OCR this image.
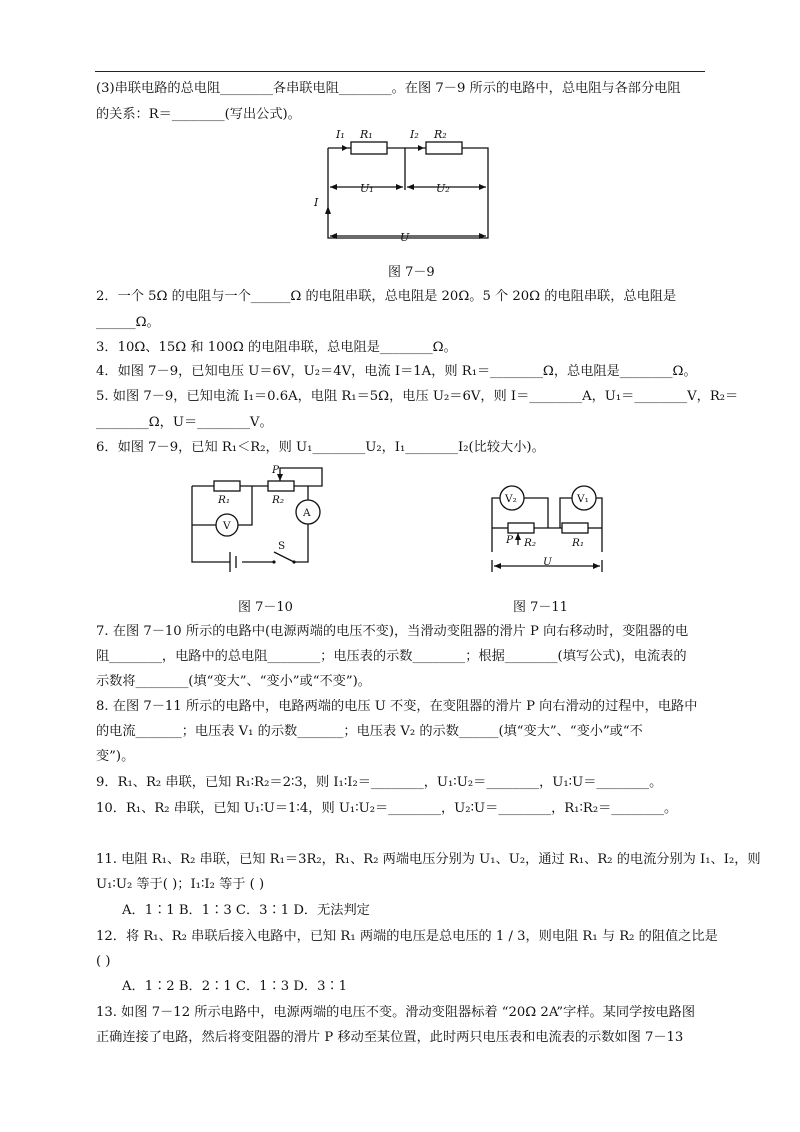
(3)串联电路的总电阻________各串联电阻________。在图 7－9 所示的电路中，总电阻与各部分电阻
的关系：R＝________(写出公式)。
2．一个 5Ω 的电阻与一个______Ω 的电阻串联，总电阻是 20Ω。5 个 20Ω 的电阻串联，总电阻是
______Ω。
3．10Ω、15Ω 和 100Ω 的电阻串联，总电阻是________Ω。
4．如图 7－9，已知电压 U＝6V，U₂＝4V，电流 I＝1A，则 R₁＝________Ω，总电阻是________Ω。
5. 如图 7－9，已知电流 I₁＝0.6A，电阻 R₁＝5Ω，电压 U₂＝6V，则 I＝________A，U₁＝________V，R₂＝
________Ω，U＝________V。
6．如图 7－9，已知 R₁＜R₂，则 U₁________U₂，I₁________I₂(比较大小)。
7. 在图 7－10 所示的电路中(电源两端的电压不变)，当滑动变阻器的滑片 P 向右移动时，变阻器的电
阻________，电路中的总电阻________；电压表的示数________；根据________(填写公式)，电流表的
示数将________(填“变大”、“变小”或“不变”)。
8. 在图 7－11 所示的电路中，电路两端的电压 U 不变，在变阻器的滑片 P 向右滑动的过程中，电路中
的电流_______；电压表 V₁ 的示数_______；电压表 V₂ 的示数______(填“变大”、“变小”或“不
变”)。
9．R₁、R₂ 串联，已知 R₁∶R₂＝2∶3，则 I₁∶I₂＝________，U₁∶U₂＝________，U₁∶U＝________。
10．R₁、R₂ 串联，已知 U₁∶U＝1∶4，则 U₁∶U₂＝________，U₂∶U＝________，R₁∶R₂＝________。
11. 电阻 R₁、R₂ 串联，已知 R₁＝3R₂，R₁、R₂ 两端电压分别为 U₁、U₂，通过 R₁、R₂ 的电流分别为 I₁、I₂，则
U₁∶U₂ 等于( )；I₁∶I₂ 等于 ( )
A．1∶1 B．1∶3 C．3∶1 D．无法判定
12．将 R₁、R₂ 串联后接入电路中，已知 R₁ 两端的电压是总电压的 1 / 3，则电阻 R₁ 与 R₂ 的阻值之比是
( )
A．1∶2 B．2∶1 C．1∶3 D．3∶1
13. 如图 7－12 所示电路中，电源两端的电压不变。滑动变阻器标着 “20Ω 2A”字样。某同学按电路图
正确连接了电路，然后将变阻器的滑片 P 移动至某位置，此时两只电压表和电流表的示数如图 7－13
I₁ R₁	I₂ R₂
U₁	U₂
I
U
图 7－9
P
R₁	R₂
A
V
S
图 7－10
V₂	V₁
P R₂	R₁
U
图 7－11
